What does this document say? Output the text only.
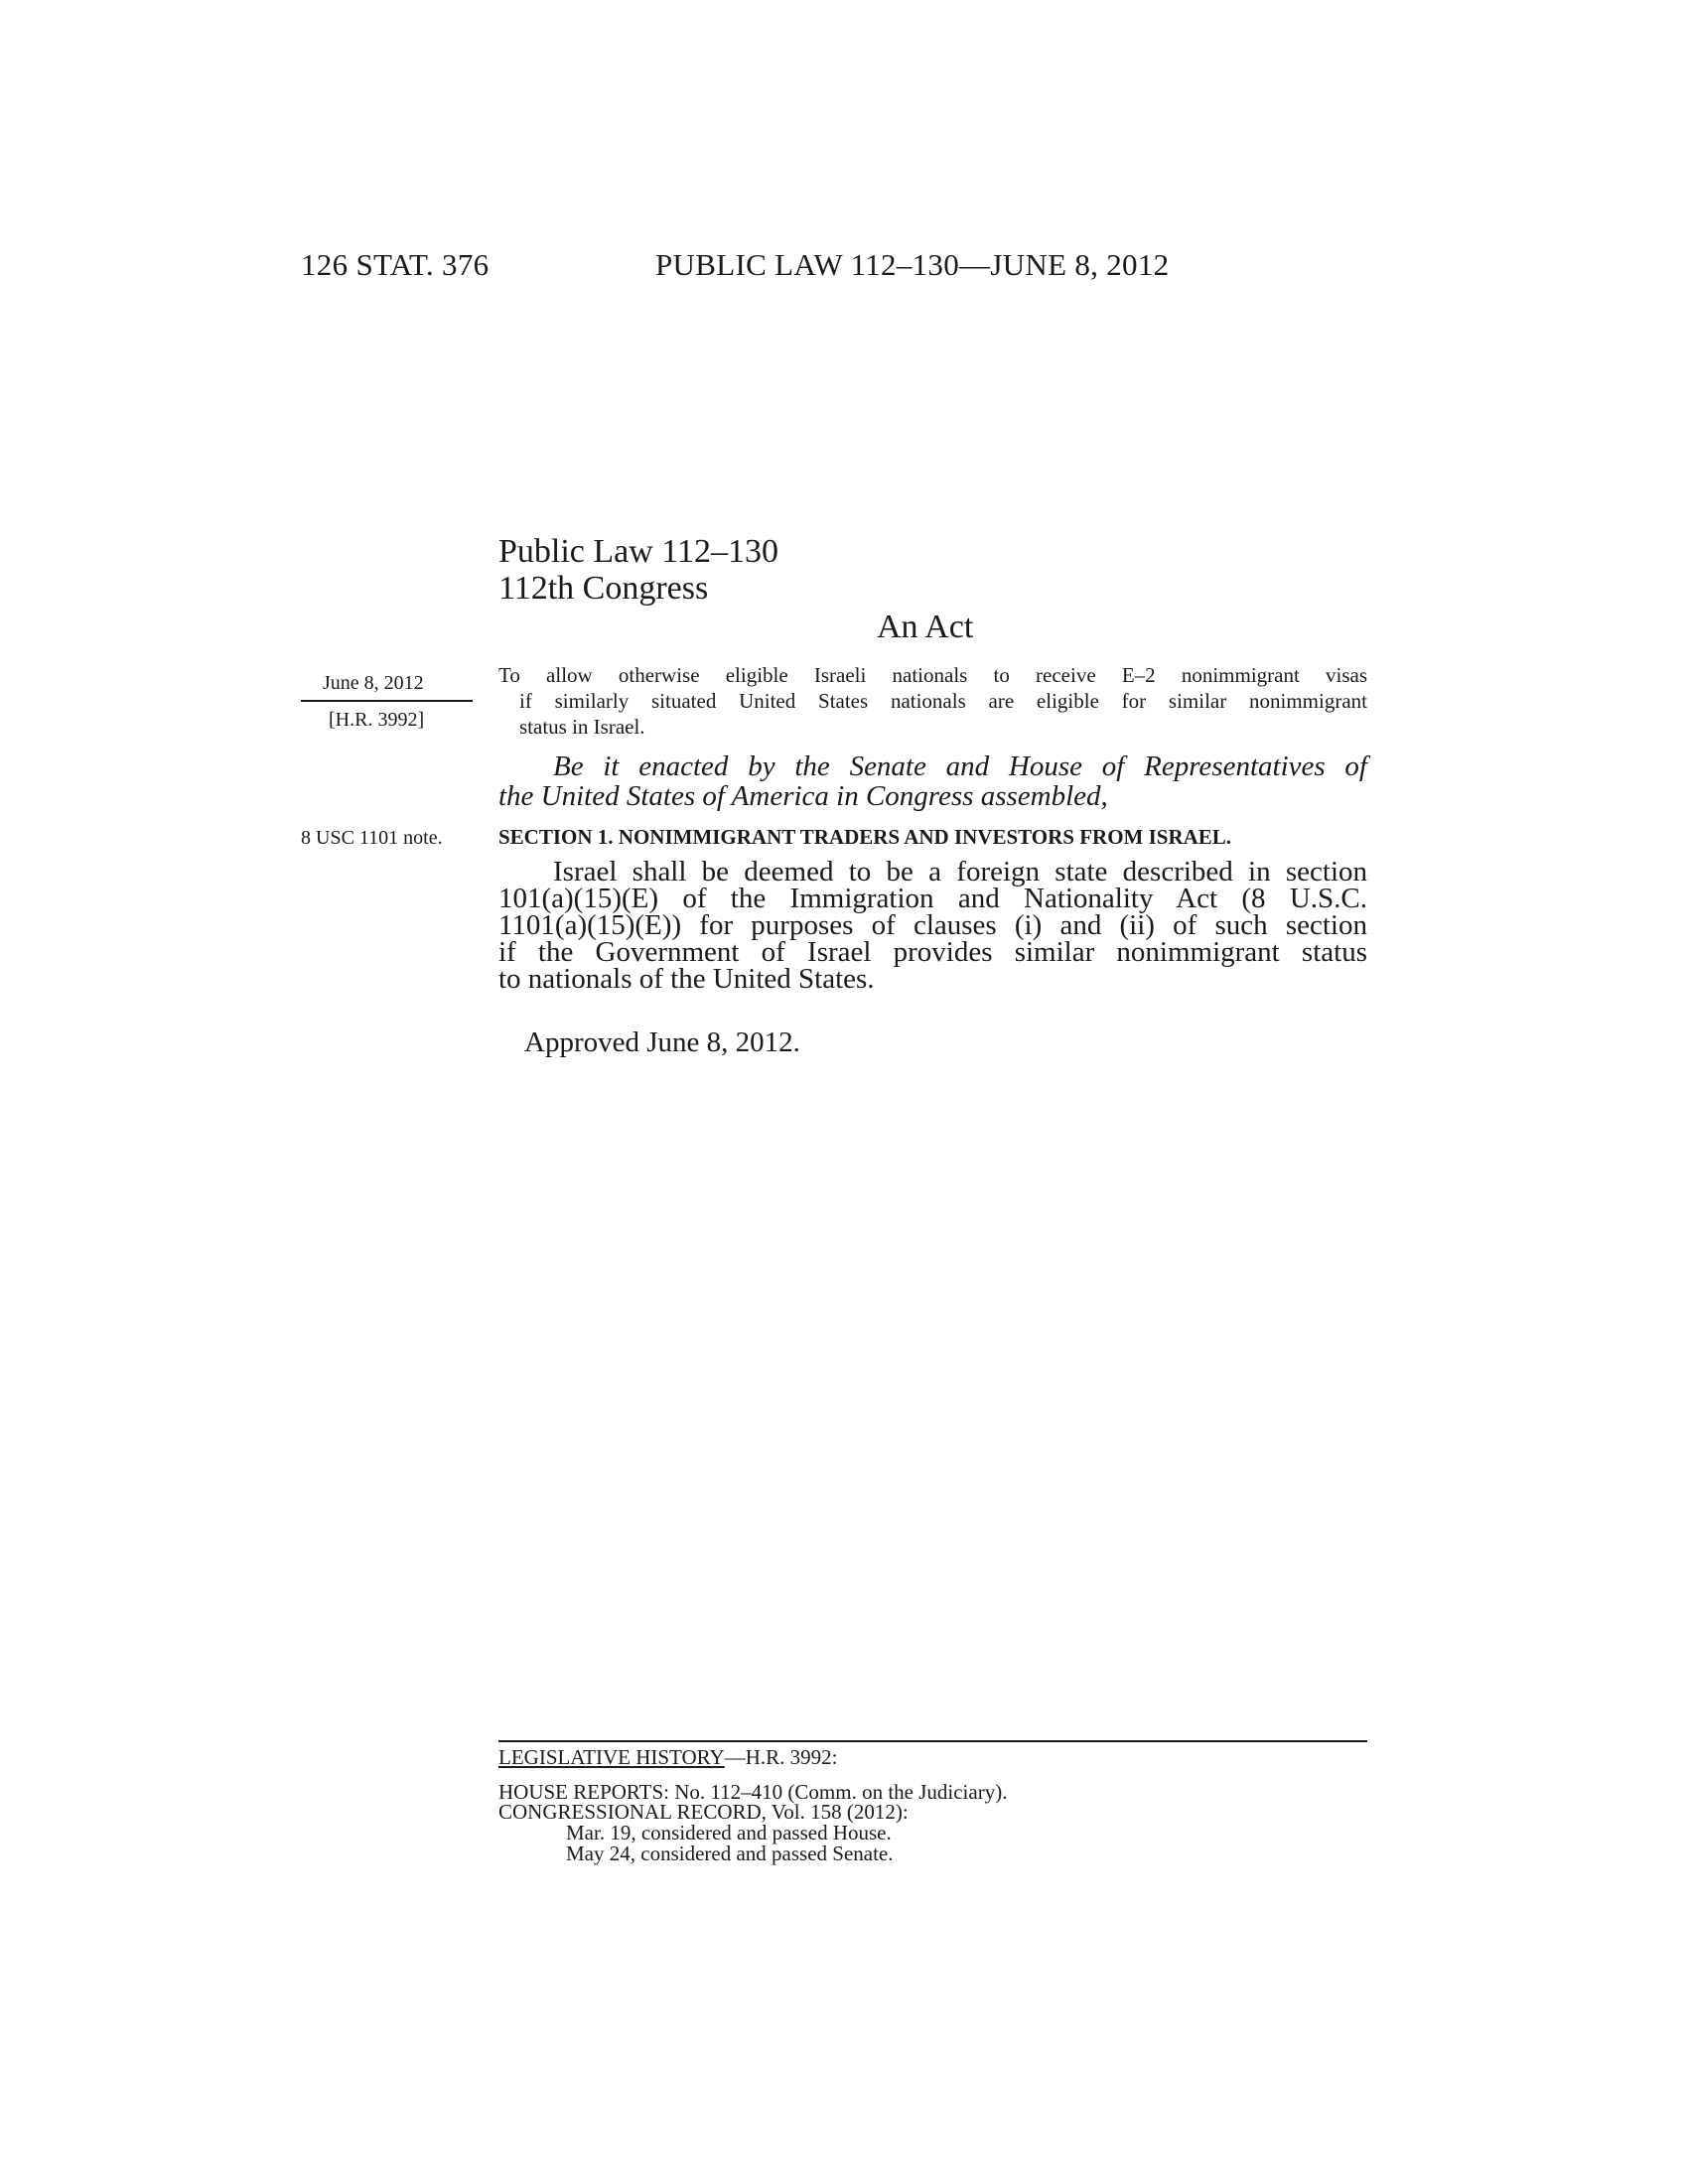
126 STAT. 376	PUBLIC LAW 112–130—JUNE 8, 2012
Public Law 112–130
112th Congress
An Act
June 8, 2012
[H.R. 3992]

To allow otherwise eligible Israeli nationals to receive E–2 nonimmigrant visas

if similarly situated United States nationals are eligible for similar nonimmigrant

status in Israel.

Be it enacted by the Senate and House of Representatives of
the United States of America in Congress assembled,
8 USC 1101 note.	SECTION 1. NONIMMIGRANT TRADERS AND INVESTORS FROM ISRAEL.
Israel shall be deemed to be a foreign state described in section
101(a)(15)(E) of the Immigration and Nationality Act (8 U.S.C.
1101(a)(15)(E)) for purposes of clauses (i) and (ii) of such section
if the Government of Israel provides similar nonimmigrant status
to nationals of the United States.
Approved June 8, 2012.
LEGISLATIVE HISTORY—H.R. 3992:
HOUSE REPORTS: No. 112–410 (Comm. on the Judiciary).
CONGRESSIONAL RECORD, Vol. 158 (2012):
Mar. 19, considered and passed House.
May 24, considered and passed Senate.
